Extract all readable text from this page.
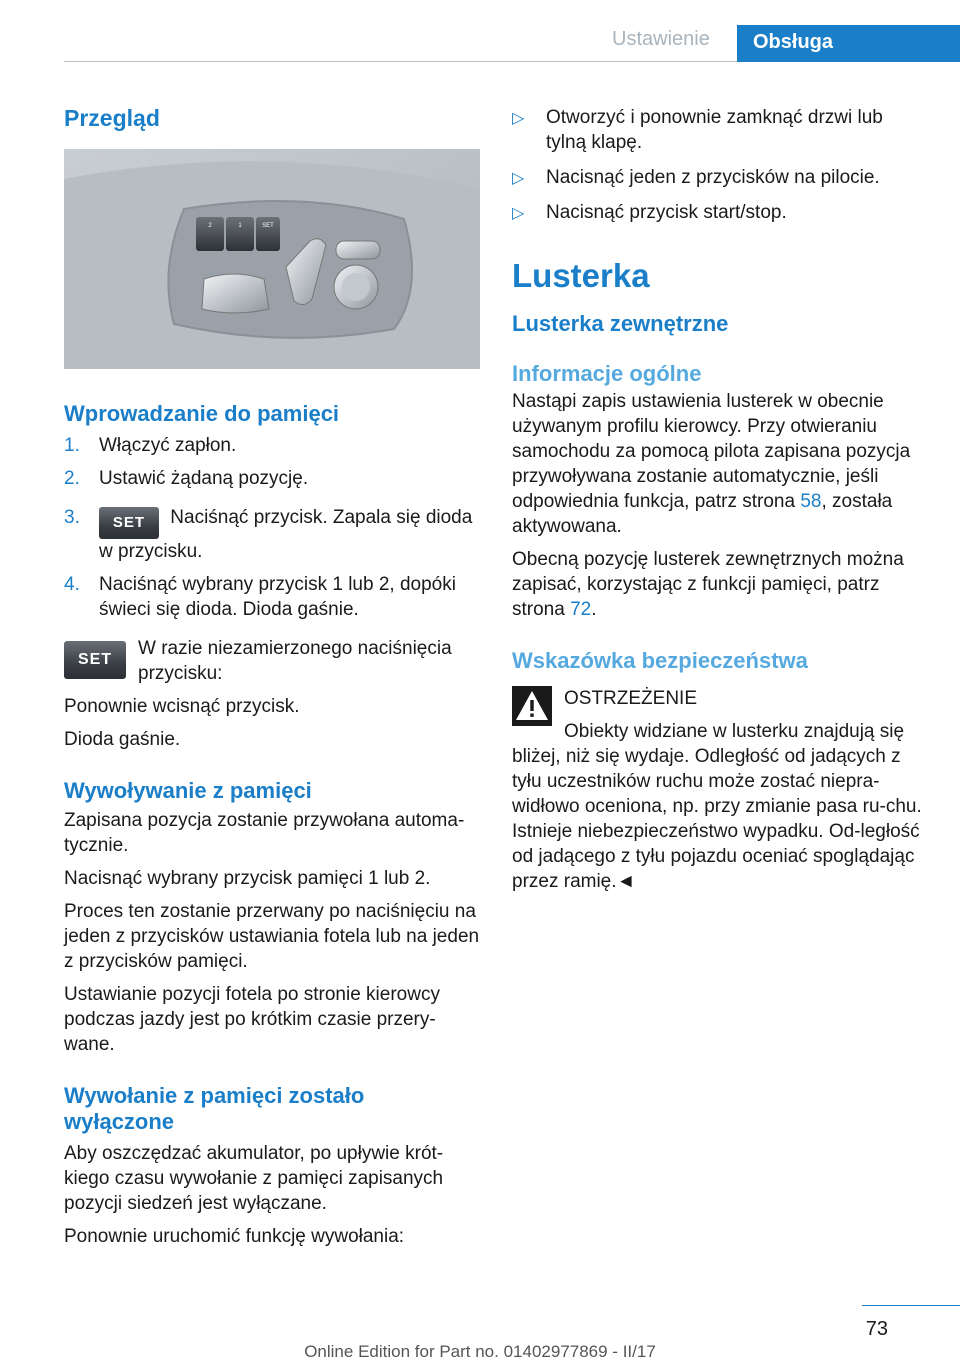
Ustawienie	Obsługa
Przegląd
2	1	SET
Wprowadzanie do pamięci
1. Włączyć zapłon.
2. Ustawić żądaną pozycję.
3. SET Naciśnąć przycisk. Zapala się dioda w przycisku.
4. Naciśnąć wybrany przycisk 1 lub 2, dopóki świeci się dioda. Dioda gaśnie.
SET
W razie niezamierzonego naciśnięcia przycisku:

Ponownie wcisnąć przycisk.

Dioda gaśnie.

Wywoływanie z pamięci

Zapisana pozycja zostanie przywołana automa-tycznie.

Nacisnąć wybrany przycisk pamięci 1 lub 2.

Proces ten zostanie przerwany po naciśnięciu na jeden z przycisków ustawiania fotela lub na jeden z przycisków pamięci.

Ustawianie pozycji fotela po stronie kierowcy podczas jazdy jest po krótkim czasie przery-wane.

Wywołanie z pamięci zostało wyłączone

Aby oszczędzać akumulator, po upływie krót-kiego czasu wywołanie z pamięci zapisanych pozycji siedzeń jest wyłączane.

Ponownie uruchomić funkcję wywołania:

▷ Otworzyć i ponownie zamknąć drzwi lub tylną klapę.
▷ Nacisnąć jeden z przycisków na pilocie.
▷ Nacisnąć przycisk start/stop.
Lusterka
Lusterka zewnętrzne
Informacje ogólne

Nastąpi zapis ustawienia lusterek w obecnie używanym profilu kierowcy. Przy otwieraniu samochodu za pomocą pilota zapisana pozycja przywoływana zostanie automatycznie, jeśli odpowiednia funkcja, patrz strona 58, została aktywowana.

Obecną pozycję lusterek zewnętrznych można zapisać, korzystając z funkcji pamięci, patrz strona 72.

Wskazówka bezpieczeństwa
OSTRZEŻENIE
Obiekty widziane w lusterku znajdują się bliżej, niż się wydaje. Odległość od jadących z tyłu uczestników ruchu może zostać niepra-widłowo oceniona, np. przy zmianie pasa ru-chu. Istnieje niebezpieczeństwo wypadku. Od-ległość od jadącego z tyłu pojazdu oceniać spoglądając przez ramię.◄
73
Online Edition for Part no. 01402977869 - II/17
